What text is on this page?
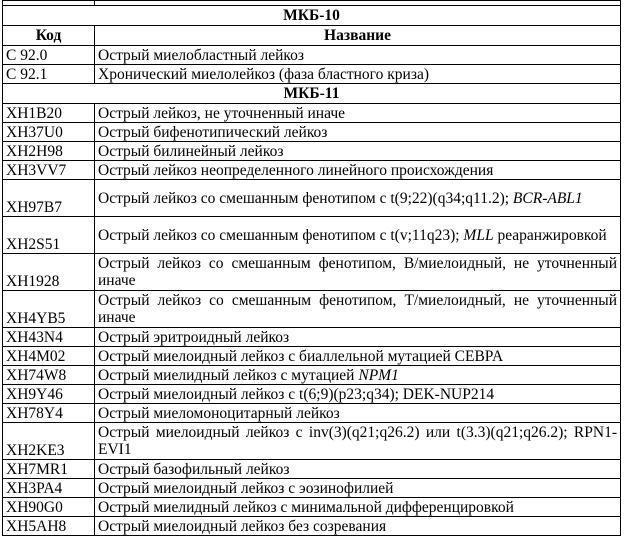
МКБ-10	
Код	Название
C 92.0	Острый миелобластный лейкоз
C 92.1	Хронический миелолейкоз (фаза бластного криза)
МКБ-11	
XH1B20	Острый лейкоз, не уточненный иначе
XH37U0	Острый бифенотипический лейкоз
XH2H98	Острый билинейный лейкоз
XH3VV7	Острый лейкоз неопределенного линейного происхождения
XH97B7	Острый лейкоз со смешанным фенотипом с t(9;22)(q34;q11.2); BCR-ABL1
XH2S51	Острый лейкоз со смешанным фенотипом с t(v;11q23); MLL реаранжировкой
XH1928	Острый лейкоз со смешанным фенотипом, B/миелоидный, не уточненный иначе
XH4YB5	Острый лейкоз со смешанным фенотипом, T/миелоидный, не уточненный иначе
XH43N4	Острый эритроидный лейкоз
XH4M02	Острый миелоидный лейкоз с биаллельной мутацией CEBPA
XH74W8	Острый миелидный лейкоз с мутацией NPM1
XH9Y46	Острый миелоидный лейкоз с t(6;9)(p23;q34); DEK-NUP214
XH78Y4	Острый миеломоноцитарный лейкоз
XH2KE3	Острый миелоидный лейкоз с inv(3)(q21;q26.2) или t(3.3)(q21;q26.2); RPN1-EVI1
XH7MR1	Острый базофильный лейкоз
XH3PA4	Острый миелоидный лейкоз с эозинофилией
XH90G0	Острый миелидный лейкоз с минимальной дифференцировкой
XH5AH8	Острый миелоидный лейкоз без созревания
